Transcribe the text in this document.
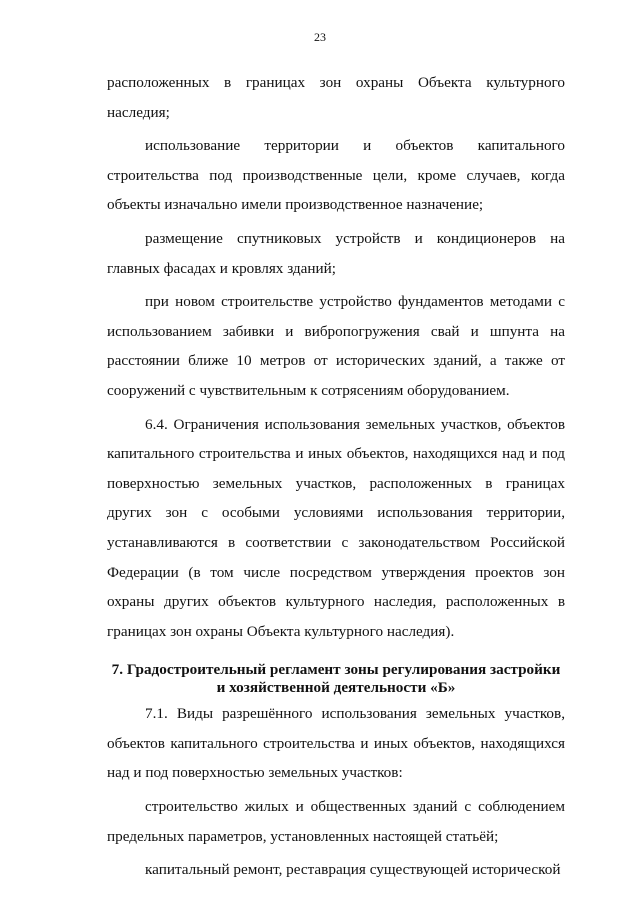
23

расположенных в границах зон охраны Объекта культурного наследия;

использование территории и объектов капитального строительства под производственные цели, кроме случаев, когда объекты изначально имели производственное назначение;

размещение спутниковых устройств и кондиционеров на главных фасадах и кровлях зданий;

при новом строительстве устройство фундаментов методами с использованием забивки и вибропогружения свай и шпунта на расстоянии ближе 10 метров от исторических зданий, а также от сооружений с чувствительным к сотрясениям оборудованием.

6.4. Ограничения использования земельных участков, объектов капитального строительства и иных объектов, находящихся над и под поверхностью земельных участков, расположенных в границах других зон с особыми условиями использования территории, устанавливаются в соответствии с законодательством Российской Федерации (в том числе посредством утверждения проектов зон охраны других объектов культурного наследия, расположенных в границах зон охраны Объекта культурного наследия).

7. Градостроительный регламент зоны регулирования застройки
и хозяйственной деятельности «Б»

7.1. Виды разрешённого использования земельных участков, объектов капитального строительства и иных объектов, находящихся над и под поверхностью земельных участков:

строительство жилых и общественных зданий с соблюдением предельных параметров, установленных настоящей статьёй;

капитальный ремонт, реставрация существующей исторической
